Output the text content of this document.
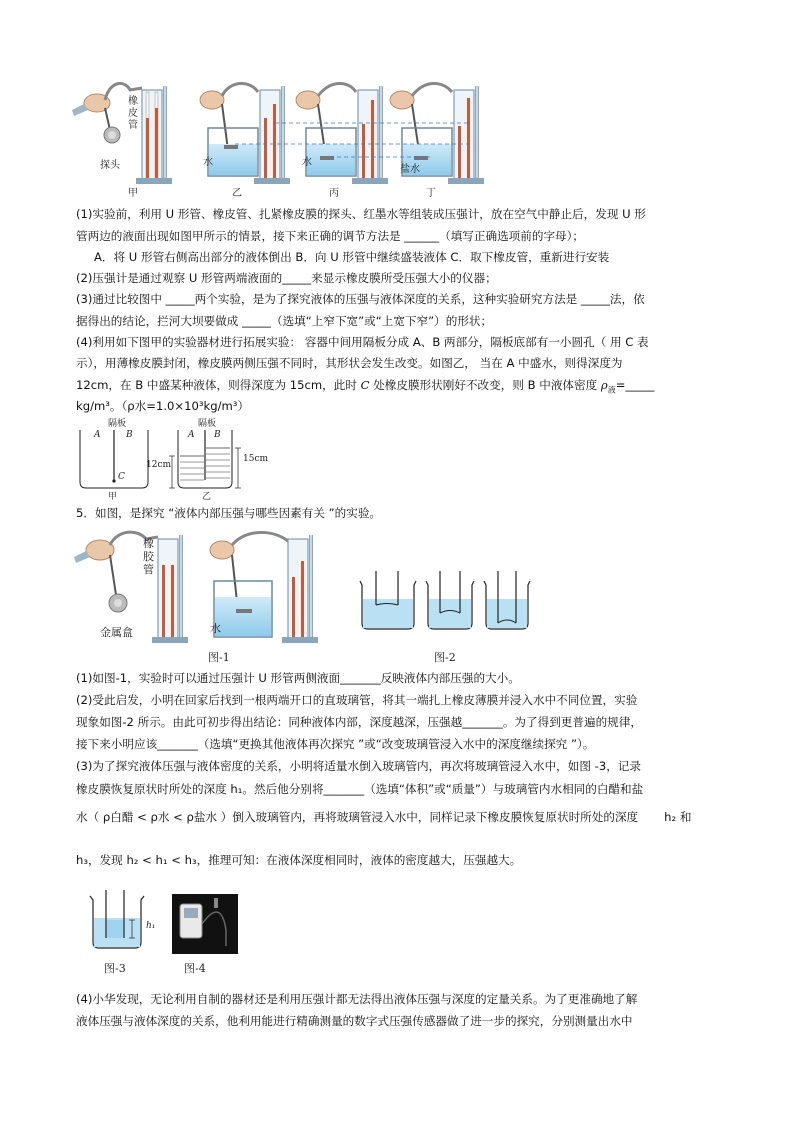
橡
皮
管
探头	水	水
盐水
甲	乙	丙	丁
(1)实验前，利用 U 形管、橡皮管、扎紧橡皮膜的探头、红墨水等组装成压强计，放在空气中静止后，发现 U 形
管两边的液面出现如图甲所示的情景，接下来正确的调节方法是 ______（填写正确选项前的字母）；
A．将 U 形管右侧高出部分的液体倒出 B．向 U 形管中继续盛装液体 C．取下橡皮管，重新进行安装
(2)压强计是通过观察 U 形管两端液面的_____来显示橡皮膜所受压强大小的仪器；
(3)通过比较图中 _____两个实验，是为了探究液体的压强与液体深度的关系，这种实验研究方法是 _____法，依
据得出的结论，拦河大坝要做成 _____（选填“上窄下宽”或“上宽下窄”）的形状；
(4)利用如下图甲的实验器材进行拓展实验： 容器中间用隔板分成 A、B 两部分，隔板底部有一小圆孔（ 用 C 表
示），用薄橡皮膜封闭，橡皮膜两侧压强不同时，其形状会发生改变。如图乙， 当在 A 中盛水，则得深度为
12cm，在 B 中盛某种液体，则得深度为 15cm，此时 C 处橡皮膜形状刚好不改变，则 B 中液体密度 $\rho_液=\_\_\_\_\_$
kg/m³。（ρ水=1.0×10³kg/m³）
隔板
A	B
C
甲
隔板
A B
12cm
15cm
乙
5．如图，是探究 “液体内部压强与哪些因素有关 ”的实验。
橡
胶
管
金属盒	水
图-1	图-2
(1)如图-1，实验时可以通过压强计 U 形管两侧液面_______反映液体内部压强的大小。
(2)受此启发，小明在回家后找到一根两端开口的直玻璃管，将其一端扎上橡皮薄膜并浸入水中不同位置，实验
现象如图-2 所示。由此可初步得出结论：同种液体内部，深度越深，压强越_______。为了得到更普遍的规律，
接下来小明应该_______（选填“更换其他液体再次探究 ”或“改变玻璃管浸入水中的深度继续探究 ”）。
(3)为了探究液体压强与液体密度的关系，小明将适量水倒入玻璃管内，再次将玻璃管浸入水中，如图 -3，记录
橡皮膜恢复原状时所处的深度 h₁。然后他分别将_______（选填“体积”或“质量”）与玻璃管内水相同的白醋和盐
水（ ρ白醋 < ρ水 < ρ盐水 ）倒入玻璃管内，再将玻璃管浸入水中，同样记录下橡皮膜恢复原状时所处的深度 h₂ 和
h₃，发现 h₂ < h₁ < h₃，推理可知：在液体深度相同时，液体的密度越大，压强越大。
h₁
图-3	图-4
(4)小华发现，无论利用自制的器材还是利用压强计都无法得出液体压强与深度的定量关系。为了更准确地了解
液体压强与液体深度的关系，他利用能进行精确测量的数字式压强传感器做了进一步的探究，分别测量出水中
